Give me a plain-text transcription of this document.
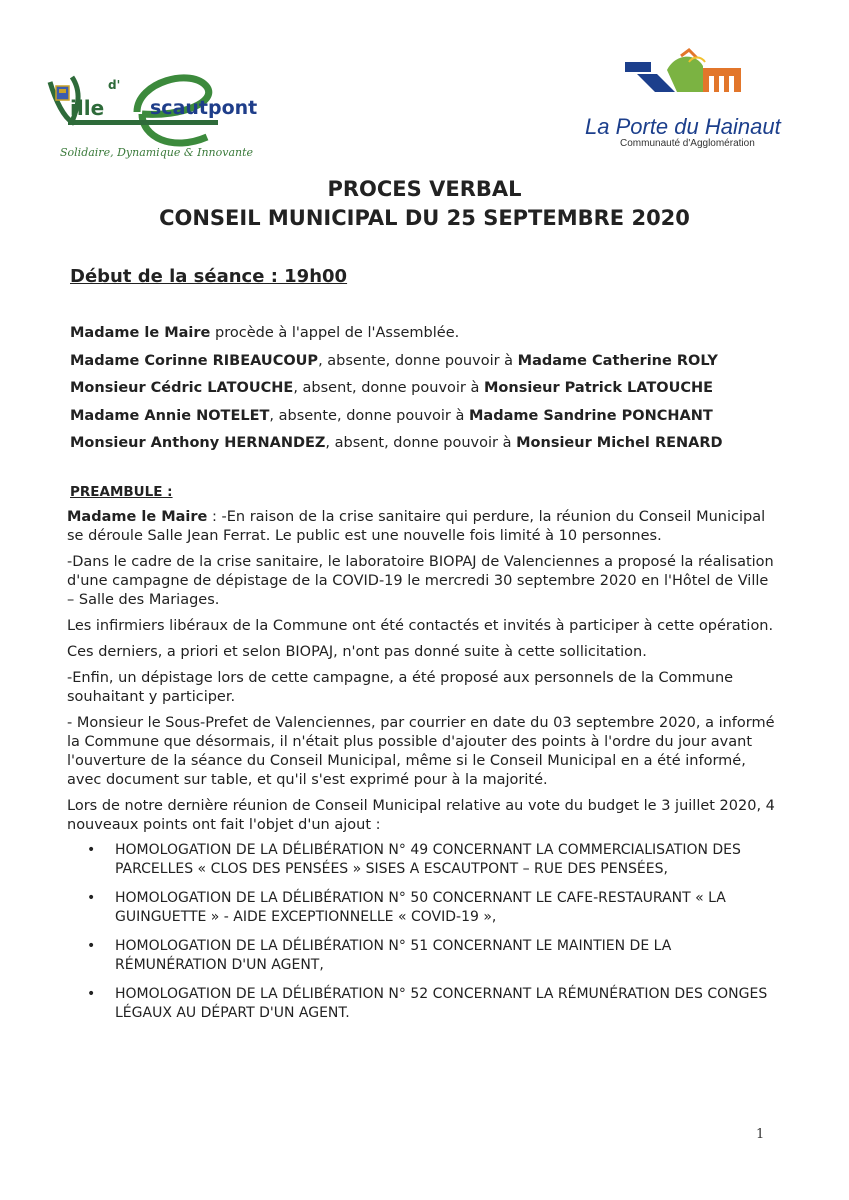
d'
ille scautpont
Solidaire, Dynamique & Innovante
La Porte du Hainaut
Communauté d'Agglomération
PROCES VERBAL
CONSEIL MUNICIPAL DU 25 SEPTEMBRE 2020
Début de la séance : 19h00

Madame le Maire procède à l'appel de l'Assemblée.

Madame Corinne RIBEAUCOUP, absente, donne pouvoir à Madame Catherine ROLY

Monsieur Cédric LATOUCHE, absent, donne pouvoir à Monsieur Patrick LATOUCHE

Madame Annie NOTELET, absente, donne pouvoir à Madame Sandrine PONCHANT

Monsieur Anthony HERNANDEZ, absent, donne pouvoir à Monsieur Michel RENARD

PREAMBULE :

Madame le Maire : -En raison de la crise sanitaire qui perdure, la réunion du Conseil Municipal se déroule Salle Jean Ferrat. Le public est une nouvelle fois limité à 10 personnes.

-Dans le cadre de la crise sanitaire, le laboratoire BIOPAJ de Valenciennes a proposé la réalisation d'une campagne de dépistage de la COVID-19 le mercredi 30 septembre 2020 en l'Hôtel de Ville – Salle des Mariages.

Les infirmiers libéraux de la Commune ont été contactés et invités à participer à cette opération.

Ces derniers, a priori et selon BIOPAJ, n'ont pas donné suite à cette sollicitation.

-Enfin, un dépistage lors de cette campagne, a été proposé aux personnels de la Commune souhaitant y participer.

- Monsieur le Sous-Prefet de Valenciennes, par courrier en date du 03 septembre 2020, a informé la Commune que désormais, il n'était plus possible d'ajouter des points à l'ordre du jour avant l'ouverture de la séance du Conseil Municipal, même si le Conseil Municipal en a été informé, avec document sur table, et qu'il s'est exprimé pour à la majorité.

Lors de notre dernière réunion de Conseil Municipal relative au vote du budget le 3 juillet 2020, 4 nouveaux points ont fait l'objet d'un ajout :

• HOMOLOGATION DE LA DÉLIBÉRATION N° 49 CONCERNANT LA COMMERCIALISATION DES PARCELLES « CLOS DES PENSÉES » SISES A ESCAUTPONT – RUE DES PENSÉES,
• HOMOLOGATION DE LA DÉLIBÉRATION N° 50 CONCERNANT LE CAFE-RESTAURANT « LA GUINGUETTE » - AIDE EXCEPTIONNELLE « COVID-19 »,
• HOMOLOGATION DE LA DÉLIBÉRATION N° 51 CONCERNANT LE MAINTIEN DE LA RÉMUNÉRATION D'UN AGENT,
• HOMOLOGATION DE LA DÉLIBÉRATION N° 52 CONCERNANT LA RÉMUNÉRATION DES CONGES LÉGAUX AU DÉPART D'UN AGENT.
1
